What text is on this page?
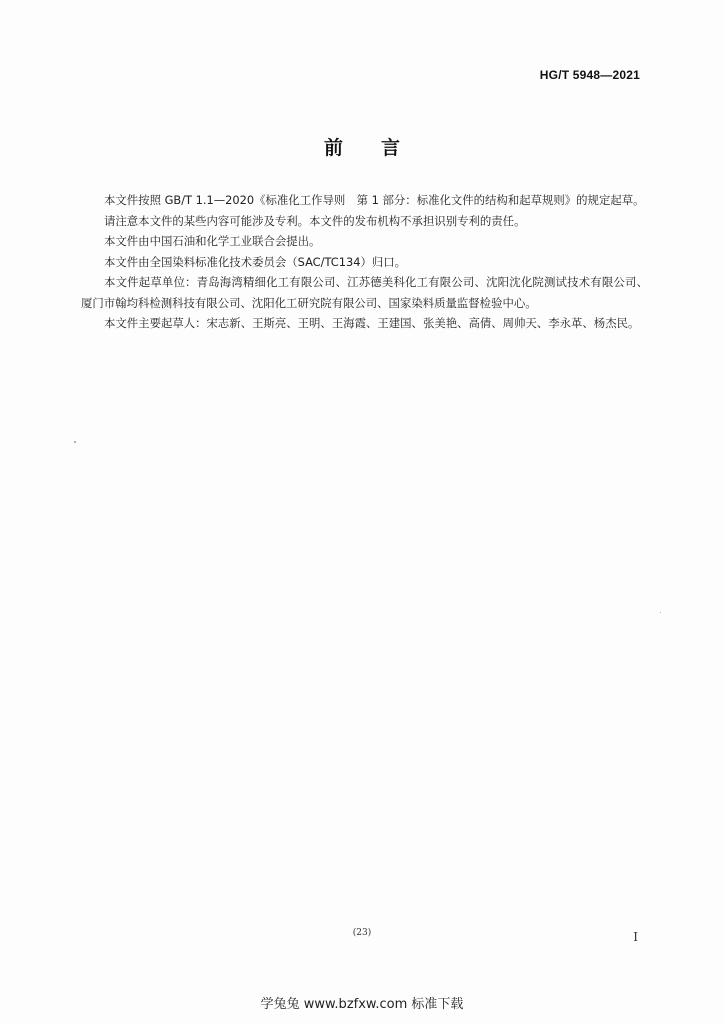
HG/T 5948—2021
前言

本文件按照 GB/T 1.1—2020《标准化工作导则　第 1 部分：标准化文件的结构和起草规则》的规定起草。

请注意本文件的某些内容可能涉及专利。本文件的发布机构不承担识别专利的责任。

本文件由中国石油和化学工业联合会提出。

本文件由全国染料标准化技术委员会（SAC/TC134）归口。

本文件起草单位：青岛海湾精细化工有限公司、江苏德美科化工有限公司、沈阳沈化院测试技术有限公司、厦门市翰均科检测科技有限公司、沈阳化工研究院有限公司、国家染料质量监督检验中心。

本文件主要起草人：宋志新、王斯亮、王明、王海霞、王建国、张美艳、高倩、周帅天、李永革、杨杰民。

(23)	I
学兔兔 www.bzfxw.com 标准下载
